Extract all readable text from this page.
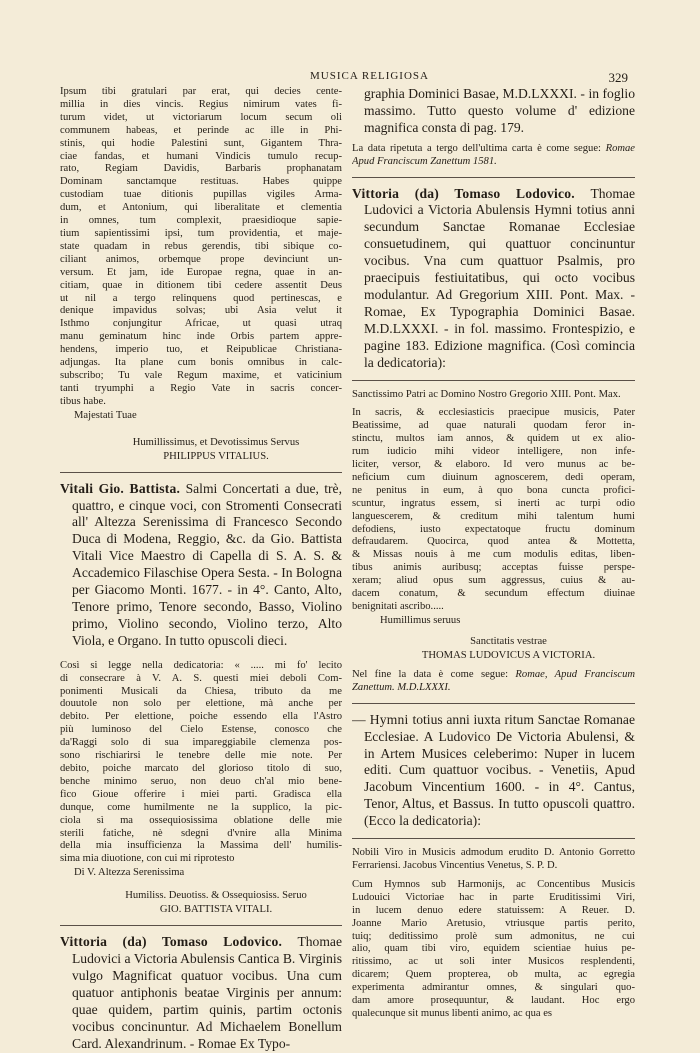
MUSICA RELIGIOSA	329
Ipsum tibi gratulari par erat, qui decies cente-
millia in dies vincis. Regius nimirum vates fi-
turum videt, ut victoriarum locum secum oli
communem habeas, et perinde ac ille in Phi-
stinis, qui hodie Palestini sunt, Gigantem Thra-
ciae fandas, et humani Vindicis tumulo recup-
rato, Regiam Davidis, Barbaris prophanatam
Dominam sanctamque restituas. Habes quippe
custodiam tuae ditionis pupillas vigiles Arma-
dum, et Antonium, qui liberalitate et clementia
in omnes, tum complexit, praesidioque sapie-
tium sapientissimi ipsi, tum providentia, et maje-
state quadam in rebus gerendis, tibi sibique co-
ciliant animos, orbemque prope devinciunt un-
versum. Et jam, ide Europae regna, quae in an-
citiam, quae in ditionem tibi cedere assentit Deus
ut nil a tergo relinquens quod pertinescas, e
denique impavidus solvas; ubi Asia velut it
Isthmo conjungitur Africae, ut quasi utraq
manu geminatum hinc inde Orbis partem appre-
hendens, imperio tuo, et Reipublicae Christiana-
adjungas. Ita plane cum bonis omnibus in calc-
subscribo; Tu vale Regum maxime, et vaticinium
tanti tryumphi a Regio Vate in sacris concer-
tibus habe.
Majestati Tuae
Humillissimus, et Devotissimus Servus
PHILIPPUS VITALIUS.
Vitali Gio. Battista. Salmi Concertati a due, trè, quattro, e cinque voci, con Stromenti Consecrati all' Altezza Serenissima di Francesco Secondo Duca di Modena, Reggio, &c. da Gio. Battista Vitali Vice Maestro di Capella di S. A. S. & Accademico Filaschise Opera Sesta. - In Bologna per Giacomo Monti. 1677. - in 4°. Canto, Alto, Tenore primo, Tenore secondo, Basso, Violino primo, Violino secondo, Violino terzo, Alto Viola, e Organo. In tutto opuscoli dieci.
Così si legge nella dedicatoria: « ..... mi fo' lecito
di consecrare à V. A. S. questi miei deboli Com-
ponimenti Musicali da Chiesa, tributo da me
douutole non solo per elettione, mà anche per
debito. Per elettione, poiche essendo ella l'Astro
più luminoso del Cielo Estense, conosco che
da'Raggi solo di sua impareggiabile clemenza pos-
sono rischiarirsi le tenebre delle mie note. Per
debito, poiche marcato del glorioso titolo di suo,
benche minimo seruo, non deuo ch'al mio bene-
fico Gioue offerire i miei parti. Gradisca ella
dunque, come humilmente ne la supplico, la pic-
ciola sì ma ossequiosissima oblatione delle mie
sterili fatiche, nè sdegni d'vnire alla Minima
della mia insufficienza la Massima dell' humilis-
sima mia diuotione, con cui mi riprotesto
Di V. Altezza Serenissima
Humiliss. Deuotiss. & Ossequiosiss. Seruo
GIO. BATTISTA VITALI.
Vittoria (da) Tomaso Lodovico. Thomae Ludovici a Victoria Abulensis Cantica B. Virginis vulgo Magnificat quatuor vocibus. Una cum quatuor antiphonis beatae Virginis per annum: quae quidem, partim quinis, partim octonis vocibus concinuntur. Ad Michaelem Bonellum Card. Alexandrinum. - Romae Ex Typo-
graphia Dominici Basae, M.D.LXXXI. - in foglio massimo. Tutto questo volume d' edizione magnifica consta di pag. 179.
La data ripetuta a tergo dell'ultima carta è come segue: Romae Apud Franciscum Zanettum 1581.
Vittoria (da) Tomaso Lodovico. Thomae Ludovici a Victoria Abulensis Hymni totius anni secundum Sanctae Romanae Ecclesiae consuetudinem, qui quattuor concinuntur vocibus. Vna cum quattuor Psalmis, pro praecipuis festiuitatibus, qui octo vocibus modulantur. Ad Gregorium XIII. Pont. Max. - Romae, Ex Typographia Dominici Basae. M.D.LXXXI. - in fol. massimo. Frontespizio, e pagine 183. Edizione magnifica. (Così comincia la dedicatoria):
Sanctissimo Patri ac Domino Nostro Gregorio XIII. Pont. Max.
In sacris, & ecclesiasticis praecipue musicis, Pater
Beatissime, ad quae naturali quodam feror in-
stinctu, multos iam annos, & quidem ut ex alio-
rum iudicio mihi videor intelligere, non infe-
liciter, versor, & elaboro. Id vero munus ac be-
neficium cum diuinum agnoscerem, dedi operam,
ne penitus in eum, à quo bona cuncta profici-
scuntur, ingratus essem, si inerti ac turpi odio
languescerem, & creditum mihi talentum humi
defodiens, iusto expectatoque fructu dominum
defraudarem. Quocirca, quod antea & Mottetta,
& Missas nouis à me cum modulis editas, liben-
tibus animis auribusq; acceptas fuisse perspe-
xeram; aliud opus sum aggressus, cuius & au-
dacem conatum, & secundum effectum diuinae
benignitati ascribo.....
Humillimus seruus
Sanctitatis vestrae
THOMAS LUDOVICUS A VICTORIA.
Nel fine la data è come segue: Romae, Apud Franciscum Zanettum. M.D.LXXXI.
— Hymni totius anni iuxta ritum Sanctae Romanae Ecclesiae. A Ludovico De Victoria Abulensi, & in Artem Musices celeberimo: Nuper in lucem editi. Cum quattuor vocibus. - Venetiis, Apud Jacobum Vincentium 1600. - in 4°. Cantus, Tenor, Altus, et Bassus. In tutto opuscoli quattro. (Ecco la dedicatoria):
Nobili Viro in Musicis admodum erudito D. Antonio Gorretto Ferrariensi. Jacobus Vincentius Venetus, S. P. D.
Cum Hymnos sub Harmonijs, ac Concentibus Musicis
Ludouici Victoriae hac in parte Eruditissimi Viri,
in lucem denuo edere statuissem: A Reuer. D.
Joanne Mario Aretusio, vtriusque partis perito,
tuiq; deditissimo prolè sum admonitus, ne cui
alio, quam tibi viro, equidem scientiae huius pe-
ritissimo, ac ut soli inter Musicos resplendenti,
dicarem; Quem propterea, ob multa, ac egregia
experimenta admirantur omnes, & singulari quo-
dam amore prosequuntur, & laudant. Hoc ergo
qualecunque sit munus libenti animo, ac qua es
